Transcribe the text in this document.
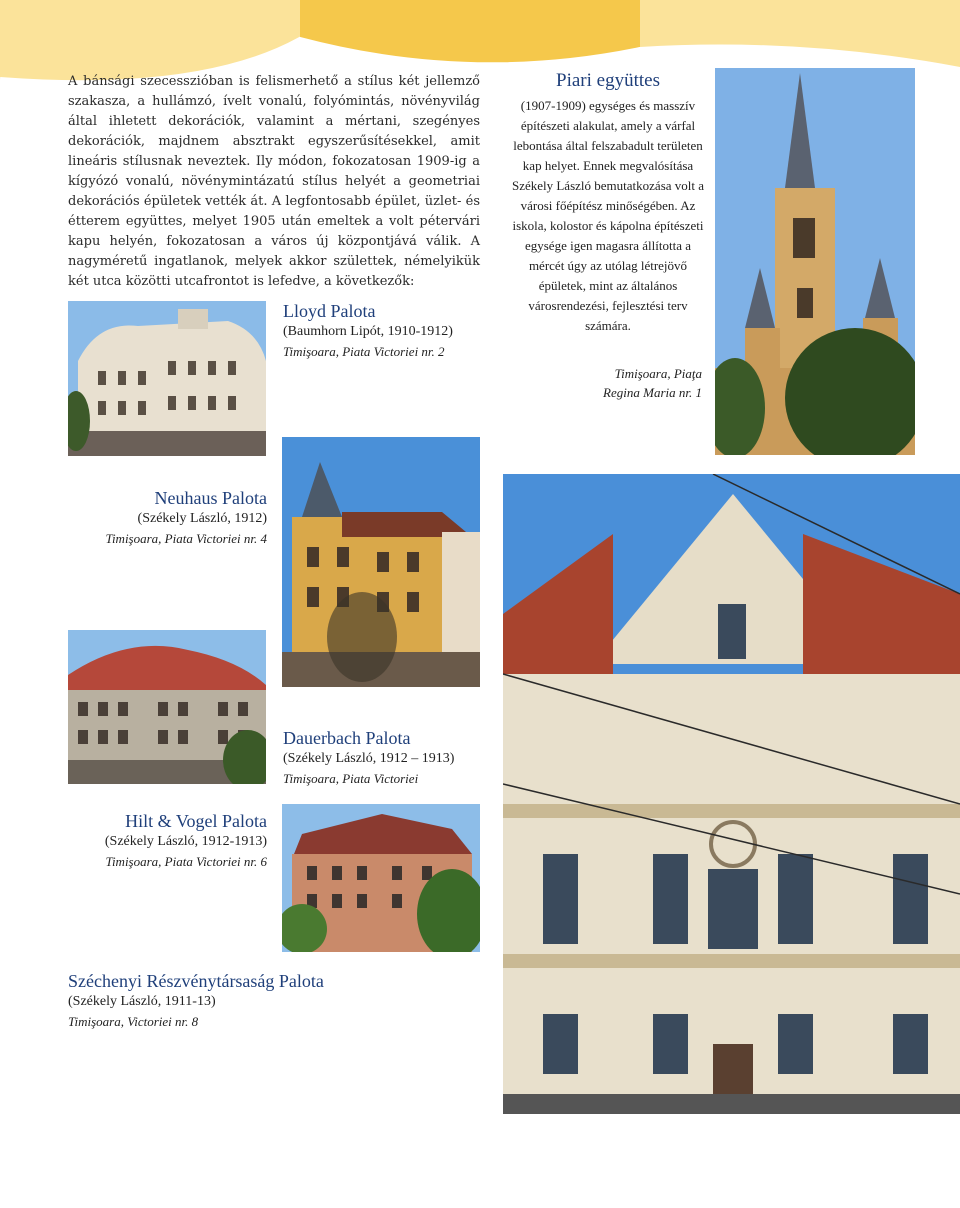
A bánsági szecesszióban is felismerhető a stílus két jellemző szakasza, a hullámzó, ívelt vonalú, folyómintás, növényvilág által ihletett dekorációk, valamint a mértani, szegényes dekorációk, majdnem absztrakt egyszerűsítésekkel, amit lineáris stílusnak neveztek. Ily módon, fokozatosan 1909-ig a kígyózó vonalú, növénymintázatú stílus helyét a geometriai dekorációs épületek vették át. A legfontosabb épület, üzlet- és étterem együttes, melyet 1905 után emeltek a volt pétervári kapu helyén, fokozatosan a város új központjává válik. A nagyméretű ingatlanok, melyek akkor születtek, némelyikük két utca közötti utcafrontot is lefedve, a következők:

Piari együttes

(1907-1909) egységes és masszív építészeti alakulat, amely a várfal lebontása által felszabadult területen kap helyet. Ennek megvalósítása Székely László bemutatkozása volt a városi főépítész minőségében. Az iskola, kolostor és kápolna építészeti egysége igen magasra állította a mércét úgy az utólag létrejövő épületek, mint az általános városrendezési, fejlesztési terv számára.

Timişoara, Piaţa
Regina Maria nr. 1
Lloyd Palota
(Baumhorn Lipót, 1910-1912)
Timişoara, Piata Victoriei nr. 2
Neuhaus Palota
(Székely László, 1912)
Timişoara, Piata Victoriei nr. 4
Dauerbach Palota
(Székely László, 1912 – 1913)
Timişoara, Piata Victoriei
Hilt & Vogel Palota
(Székely László, 1912-1913)
Timişoara, Piata Victoriei nr. 6
Széchenyi Részvénytársaság Palota
(Székely László, 1911-13)
Timişoara, Victoriei nr. 8
